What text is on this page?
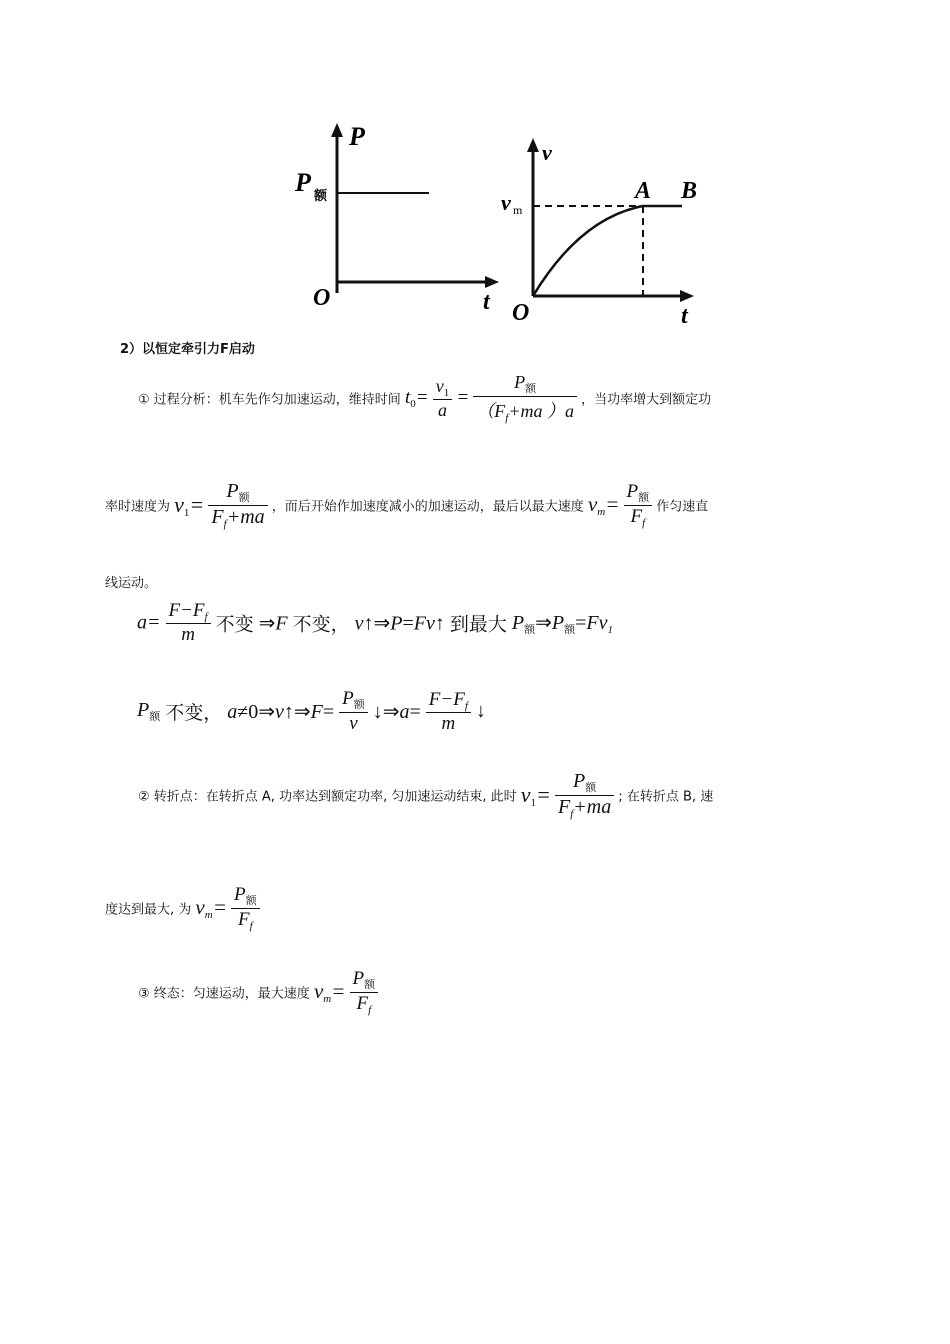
P
O	t
P 额
v
O	t
v m
A B
2）以恒定牵引力F启动
① 过程分析：机车先作匀加速运动，维持时间 $t_0= \frac{v_1}{a} = \frac{P_额}{(F_f+ma )a}$ ，当功率增大到额定功
率时速度为 $v1= \frac{P_额}{F_f+ma}$ ，而后开始作加速度减小的加速运动，最后以最大速度 $vm= \frac{P_额}{F_f}$ 作匀速直
线运动。
$a= \frac{F-F_f}{m}$ 不变 ⇒F 不变， v↑⇒P=Fv↑ 到最大 $P_额\Rightarrow P_额=Fv_1$
$P_额$ 不变， a≠0⇒v↑⇒F= $\frac{P_额}{v}$ ↓⇒a= $\frac{F-F_f}{m}$ ↓
② 转折点：在转折点 A, 功率达到额定功率, 匀加速运动结束, 此时 $v1= \frac{P_额}{F_f+ma}$ ; 在转折点 B, 速
度达到最大, 为 $vm= \frac{P_额}{F_f}$
③ 终态：匀速运动，最大速度 $vm= \frac{P_额}{F_f}$
